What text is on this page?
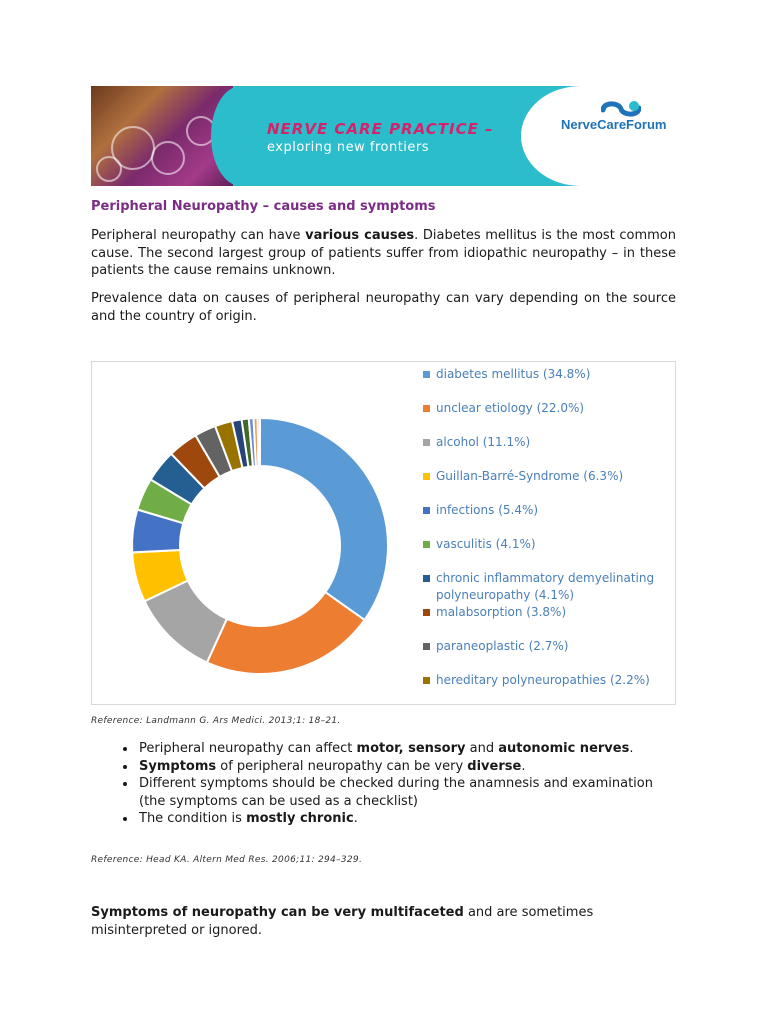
NERVE CARE PRACTICE –
exploring new frontiers
NerveCareForum
Peripheral Neuropathy – causes and symptoms

Peripheral neuropathy can have various causes. Diabetes mellitus is the most common cause. The second largest group of patients suffer from idiopathic neuropathy – in these patients the cause remains unknown.

Prevalence data on causes of peripheral neuropathy can vary depending on the source and the country of origin.

diabetes mellitus (34.8%)
unclear etiology (22.0%)
alcohol (11.1%)
Guillan-Barré-Syndrome (6.3%)
infections (5.4%)
vasculitis (4.1%)
chronic inflammatory demyelinating polyneuropathy (4.1%)
malabsorption (3.8%)
paraneoplastic (2.7%)
hereditary polyneuropathies (2.2%)

Reference: Landmann G. Ars Medici. 2013;1: 18–21.

• Peripheral neuropathy can affect motor, sensory and autonomic nerves.
• Symptoms of peripheral neuropathy can be very diverse.
• Different symptoms should be checked during the anamnesis and examination (the symptoms can be used as a checklist)
• The condition is mostly chronic.

Reference: Head KA. Altern Med Res. 2006;11: 294–329.

Symptoms of neuropathy can be very multifaceted and are sometimes misinterpreted or ignored.
